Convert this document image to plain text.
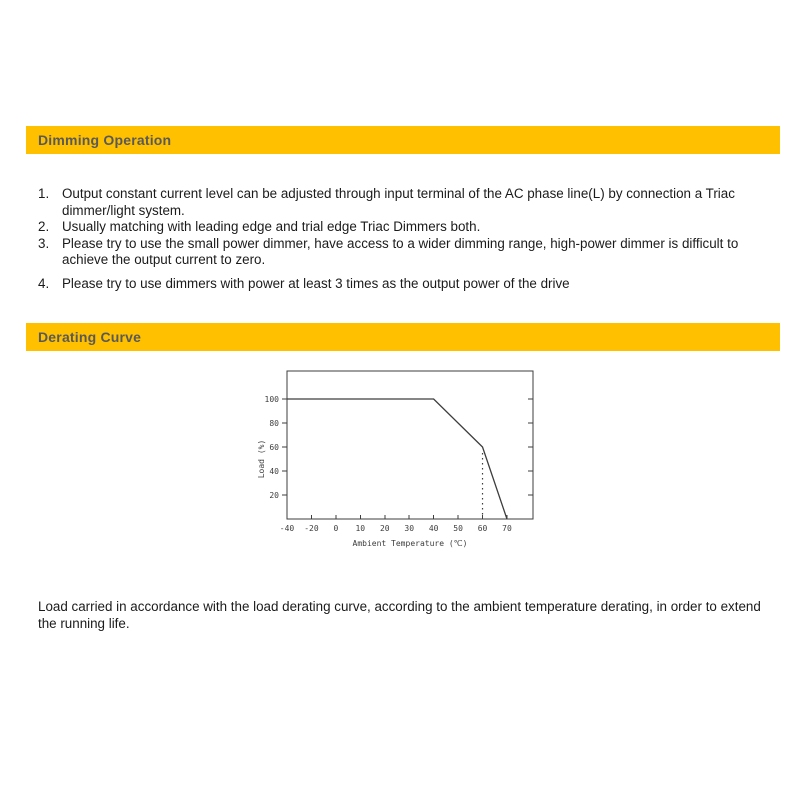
Dimming Operation
1. Output constant current level can be adjusted through input terminal of the AC phase line(L) by connection a Triac dimmer/light system.
2. Usually matching with leading edge and trial edge Triac Dimmers both.
3. Please try to use the small power dimmer, have access to a wider dimming range, high-power dimmer is difficult to achieve the output current to zero.
4. Please try to use dimmers with power at least 3 times as the output power of the drive
Derating Curve
20
40
60
80
100
-40 -20 0 10 20 30 40 50 60 70
Ambient Temperature (℃)
Load (%)

Load carried in accordance with the load derating curve, according to the ambient temperature derating, in order to extend the running life.
